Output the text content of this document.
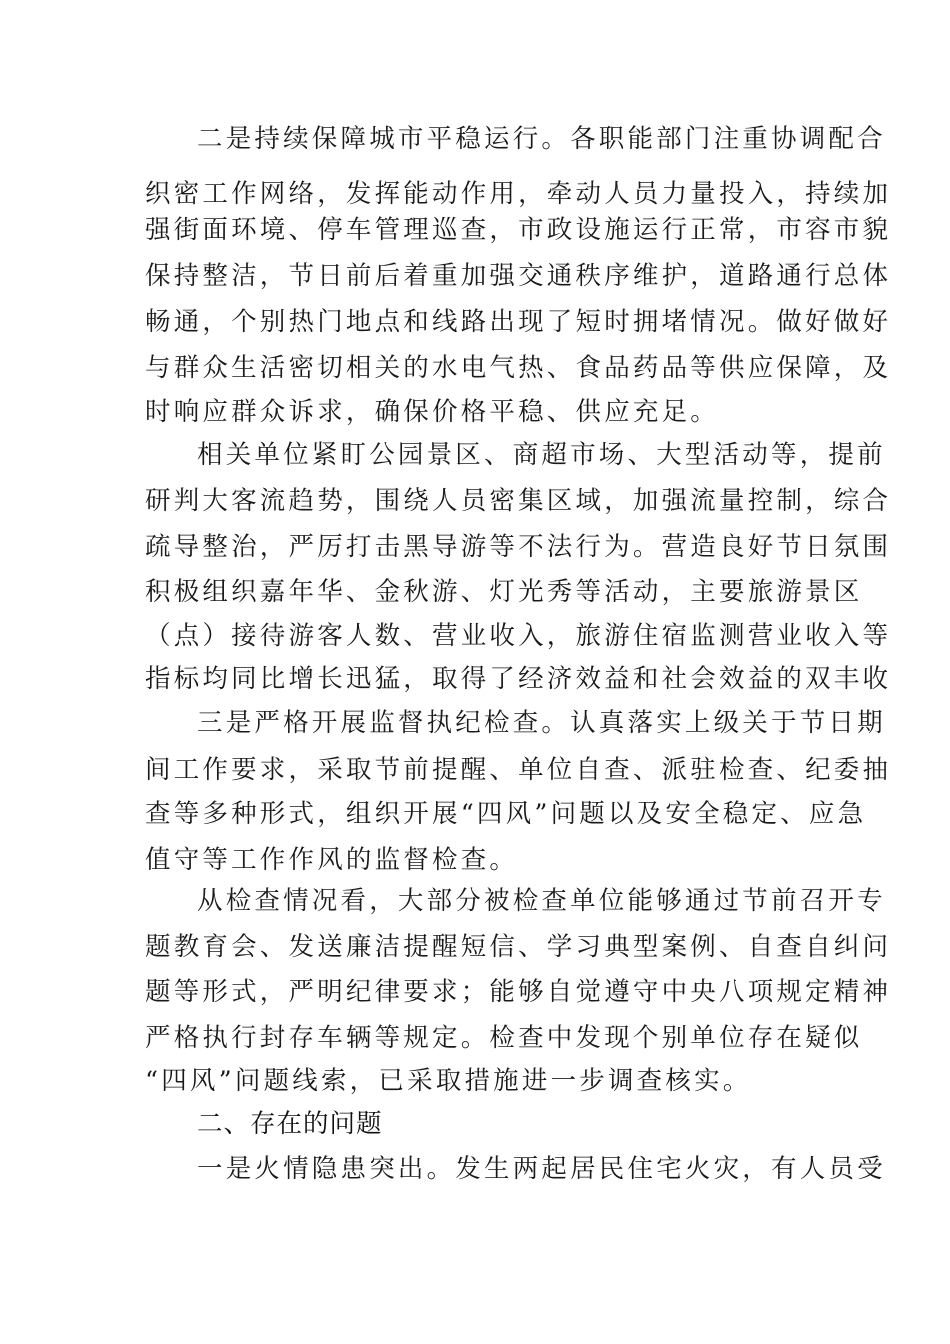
二是持续保障城市平稳运行。各职能部门注重协调配合
织密工作网络，发挥能动作用，牵动人员力量投入，持续加
强街面环境、停车管理巡查，市政设施运行正常，市容市貌
保持整洁，节日前后着重加强交通秩序维护，道路通行总体
畅通，个别热门地点和线路出现了短时拥堵情况。做好做好
与群众生活密切相关的水电气热、食品药品等供应保障，及
时响应群众诉求，确保价格平稳、供应充足。
相关单位紧盯公园景区、商超市场、大型活动等，提前
研判大客流趋势，围绕人员密集区域，加强流量控制，综合
疏导整治，严厉打击黑导游等不法行为。营造良好节日氛围
积极组织嘉年华、金秋游、灯光秀等活动，主要旅游景区
（点）接待游客人数、营业收入，旅游住宿监测营业收入等
指标均同比增长迅猛，取得了经济效益和社会效益的双丰收
三是严格开展监督执纪检查。认真落实上级关于节日期
间工作要求，采取节前提醒、单位自查、派驻检查、纪委抽
查等多种形式，组织开展“四风”问题以及安全稳定、应急
值守等工作作风的监督检查。
从检查情况看，大部分被检查单位能够通过节前召开专
题教育会、发送廉洁提醒短信、学习典型案例、自查自纠问
题等形式，严明纪律要求；能够自觉遵守中央八项规定精神
严格执行封存车辆等规定。检查中发现个别单位存在疑似
“四风”问题线索，已采取措施进一步调查核实。
二、存在的问题
一是火情隐患突出。发生两起居民住宅火灾，有人员受
